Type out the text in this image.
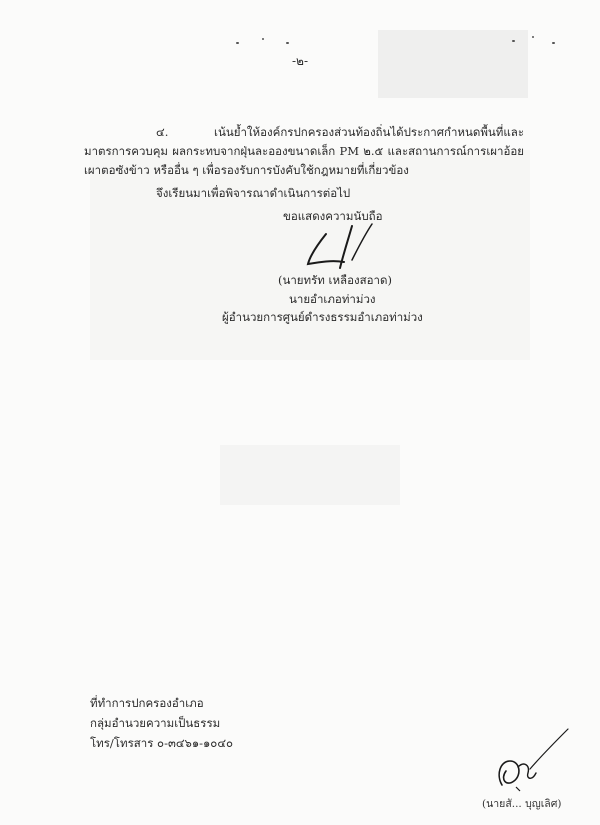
-๒-
๔. เน้นย้ำให้องค์กรปกครองส่วนท้องถิ่นได้ประกาศกำหนดพื้นที่และมาตรการควบคุม ผลกระทบจากฝุ่นละอองขนาดเล็ก PM ๒.๕ และสถานการณ์การเผาอ้อย เผาตอซังข้าว หรืออื่น ๆ เพื่อรองรับการบังคับใช้กฎหมายที่เกี่ยวข้อง
จึงเรียนมาเพื่อพิจารณาดำเนินการต่อไป
ขอแสดงความนับถือ
(นายทรัท เหลืองสอาด)
นายอำเภอท่าม่วง
ผู้อำนวยการศูนย์ดำรงธรรมอำเภอท่าม่วง
ที่ทำการปกครองอำเภอ
กลุ่มอำนวยความเป็นธรรม
โทร/โทรสาร ๐-๓๔๖๑-๑๐๔๐
(นายสั... บุญเลิศ)
